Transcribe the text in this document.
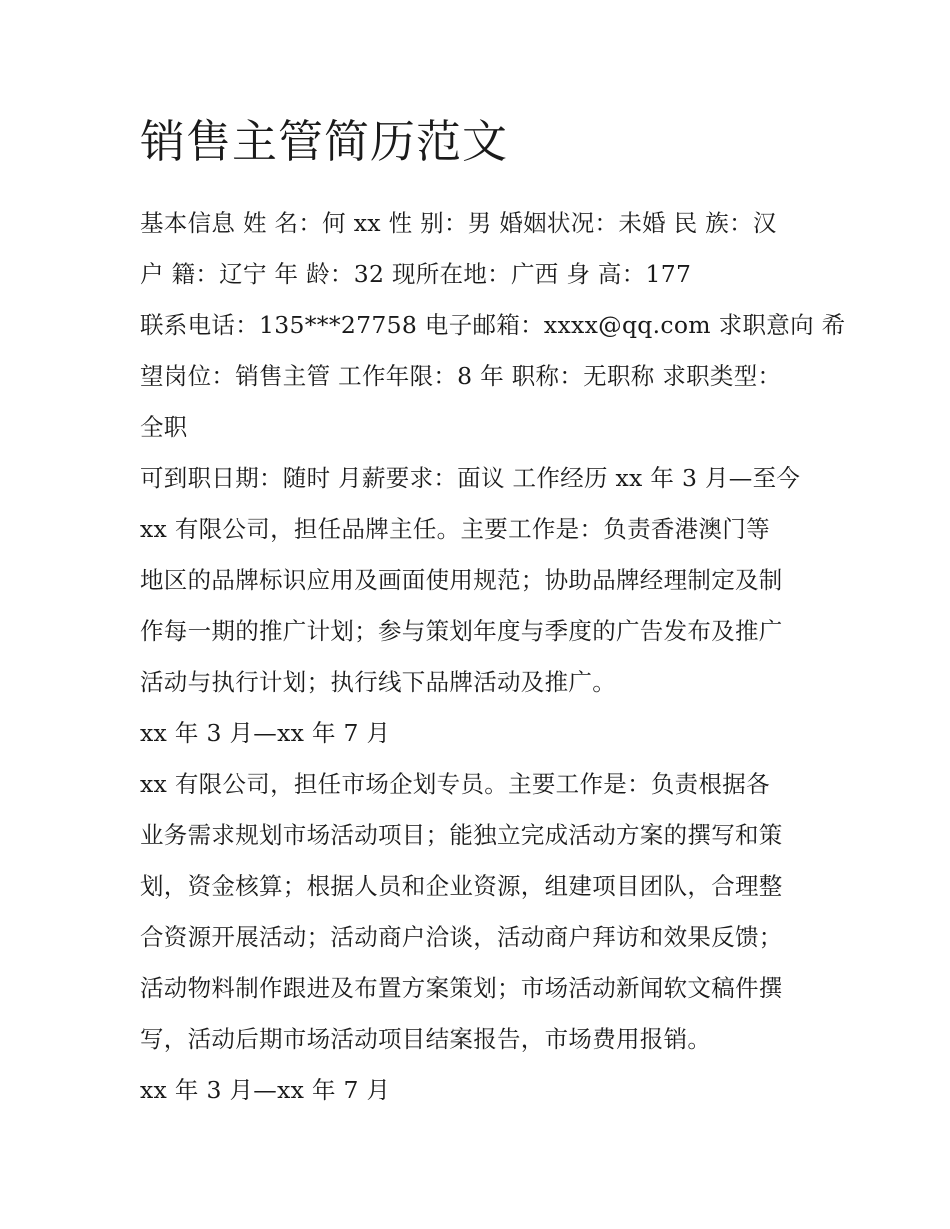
销售主管简历范文

基本信息 姓 名：何 xx 性 别：男 婚姻状况：未婚 民 族：汉

户 籍：辽宁 年 龄：32 现所在地：广西 身 高：177

联系电话：135***27758 电子邮箱：xxxx@qq.com 求职意向 希

望岗位：销售主管 工作年限：8 年 职称：无职称 求职类型：

全职

可到职日期：随时 月薪要求：面议 工作经历 xx 年 3 月—至今

xx 有限公司，担任品牌主任。主要工作是：负责香港澳门等

地区的品牌标识应用及画面使用规范；协助品牌经理制定及制

作每一期的推广计划；参与策划年度与季度的广告发布及推广

活动与执行计划；执行线下品牌活动及推广。

xx 年 3 月—xx 年 7 月

xx 有限公司，担任市场企划专员。主要工作是：负责根据各

业务需求规划市场活动项目；能独立完成活动方案的撰写和策

划，资金核算；根据人员和企业资源，组建项目团队，合理整

合资源开展活动；活动商户洽谈，活动商户拜访和效果反馈；

活动物料制作跟进及布置方案策划；市场活动新闻软文稿件撰

写，活动后期市场活动项目结案报告，市场费用报销。

xx 年 3 月—xx 年 7 月
